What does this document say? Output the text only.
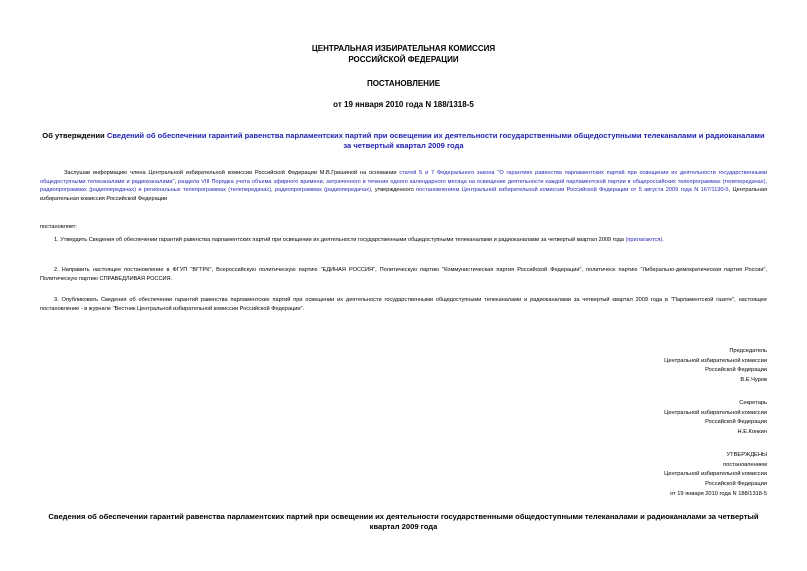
ЦЕНТРАЛЬНАЯ ИЗБИРАТЕЛЬНАЯ КОМИССИЯ
РОССИЙСКОЙ ФЕДЕРАЦИИ
ПОСТАНОВЛЕНИЕ
от 19 января 2010 года N 188/1318-5
Об утверждении Сведений об обеспечении гарантий равенства парламентских партий при освещении их деятельности государственными общедоступными телеканалами и радиоканалами за четвертый квартал 2009 года
Заслушав информацию члена Центральной избирательной комиссии Российской Федерации М.В.Гришиной на основании статей 5 и 7 Федерального закона "О гарантиях равенства парламентских партий при освещении их деятельности государственными общедоступными телеканалами и радиоканалами", раздела VIII Порядка учета объема эфирного времени, затраченного в течение одного календарного месяца на освещение деятельности каждой парламентской партии в общероссийских телепрограммах (телепередачах), радиопрограммах (радиопередачах) и региональных телепрограммах (телепередачах), радиопрограммах (радиопередачах), утвержденного постановлением Центральной избирательной комиссии Российской Федерации от 5 августа 2009 года N 167/1190-5, Центральная избирательная комиссия Российской Федерации
постановляет:
1. Утвердить Сведения об обеспечении гарантий равенства парламентских партий при освещении их деятельности государственными общедоступными телеканалами и радиоканалами за четвертый квартал 2009 года (прилагаются).
2. Направить настоящее постановление в ФГУП "ВГТРК", Всероссийскую политическую партию "ЕДИНАЯ РОССИЯ", Политическую партию "Коммунистическая партия Российской Федерации", политическ партию "Либерально-демократическая партия России", Политическую партию СПРАВЕДЛИВАЯ РОССИЯ.
3. Опубликовать Сведения об обеспечении гарантий равенства парламентских партий при освещении их деятельности государственными общедоступными телеканалами и радиоканалами за четвертый квартал 2009 года в "Парламентской газете", настоящее постановление - в журнале "Вестник Центральной избирательной комиссии Российской Федерации".
Председатель
Центральной избирательной комиссии
Российской Федерации
В.Е.Чуров
Секретарь
Центральной избирательной комиссии
Российской Федерации
Н.Е.Конкин
УТВЕРЖДЕНЫ
постановлением
Центральной избирательной комиссии
Российской Федерации
от 19 января 2010 года N 188/1318-5
Сведения об обеспечении гарантий равенства парламентских партий при освещении их деятельности государственными общедоступными телеканалами и радиоканалами за четвертый квартал 2009 года
